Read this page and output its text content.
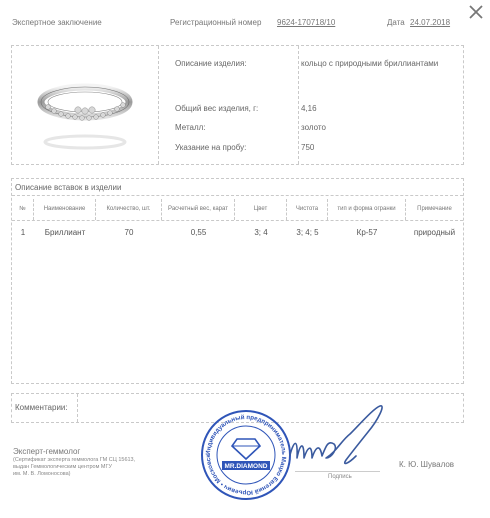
Экспертное заключение	Регистрационный номер 9624-170718/10	Дата 24.07.2018
Описание изделия:	кольцо с природными бриллиантами
Общий вес изделия, г:	4,16
Металл:	золото
Указание на пробу:	750
Описание вставок в изделии
№	Наименование	Количество, шт.	Расчетный вес, карат	Цвет	Чистота	тип и форма огранки	Примечание
1	Бриллиант	70	0,55	3; 4	3; 4; 5	Кр-57	природный
Комментарии:
Эксперт-геммолог
(Сертификат эксперта геммолога ГМ СЦ 15613,
выдан Геммологическим центром МГУ
им. М. В. Ломоносова)
Индивидуальный предприниматель Мацко Евгений Юрьевич • Московск
MR.DIAMOND
Подпись
К. Ю. Шувалов
